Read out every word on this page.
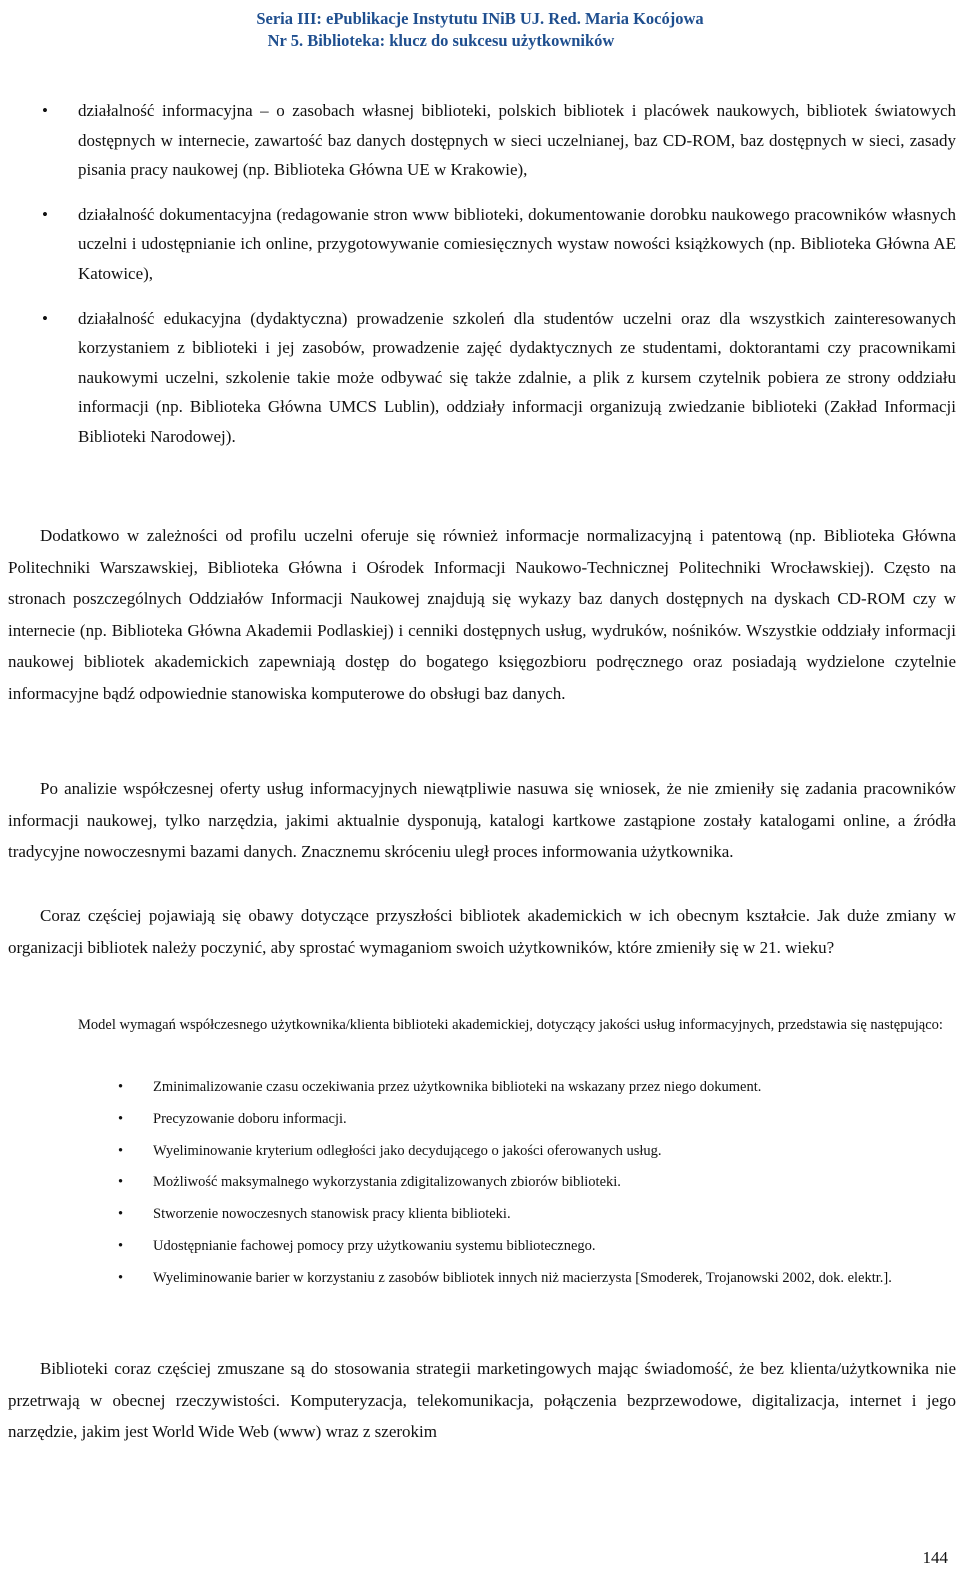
Seria III: ePublikacje Instytutu INiB UJ. Red. Maria Kocójowa
Nr 5. Biblioteka: klucz do sukcesu użytkowników
• działalność informacyjna – o zasobach własnej biblioteki, polskich bibliotek i placówek naukowych, bibliotek światowych dostępnych w internecie, zawartość baz danych dostępnych w sieci uczelnianej, baz CD-ROM, baz dostępnych w sieci, zasady pisania pracy naukowej (np. Biblioteka Główna UE w Krakowie),
• działalność dokumentacyjna (redagowanie stron www biblioteki, dokumentowanie dorobku naukowego pracowników własnych uczelni i udostępnianie ich online, przygotowywanie comiesięcznych wystaw nowości książkowych (np. Biblioteka Główna AE Katowice),
• działalność edukacyjna (dydaktyczna) prowadzenie szkoleń dla studentów uczelni oraz dla wszystkich zainteresowanych korzystaniem z biblioteki i jej zasobów, prowadzenie zajęć dydaktycznych ze studentami, doktorantami czy pracownikami naukowymi uczelni, szkolenie takie może odbywać się także zdalnie, a plik z kursem czytelnik pobiera ze strony oddziału informacji (np. Biblioteka Główna UMCS Lublin), oddziały informacji organizują zwiedzanie biblioteki (Zakład Informacji Biblioteki Narodowej).

Dodatkowo w zależności od profilu uczelni oferuje się również informacje normalizacyjną i patentową (np. Biblioteka Główna Politechniki Warszawskiej, Biblioteka Główna i Ośrodek Informacji Naukowo-Technicznej Politechniki Wrocławskiej). Często na stronach poszczególnych Oddziałów Informacji Naukowej znajdują się wykazy baz danych dostępnych na dyskach CD-ROM czy w internecie (np. Biblioteka Główna Akademii Podlaskiej) i cenniki dostępnych usług, wydruków, nośników. Wszystkie oddziały informacji naukowej bibliotek akademickich zapewniają dostęp do bogatego księgozbioru podręcznego oraz posiadają wydzielone czytelnie informacyjne bądź odpowiednie stanowiska komputerowe do obsługi baz danych.

Po analizie współczesnej oferty usług informacyjnych niewątpliwie nasuwa się wniosek, że nie zmieniły się zadania pracowników informacji naukowej, tylko narzędzia, jakimi aktualnie dysponują, katalogi kartkowe zastąpione zostały katalogami online, a źródła tradycyjne nowoczesnymi bazami danych. Znacznemu skróceniu uległ proces informowania użytkownika.

Coraz częściej pojawiają się obawy dotyczące przyszłości bibliotek akademickich w ich obecnym kształcie. Jak duże zmiany w organizacji bibliotek należy poczynić, aby sprostać wymaganiom swoich użytkowników, które zmieniły się w 21. wieku?

Model wymagań współczesnego użytkownika/klienta biblioteki akademickiej, dotyczący jakości usług informacyjnych, przedstawia się następująco:

• Zminimalizowanie czasu oczekiwania przez użytkownika biblioteki na wskazany przez niego dokument.
• Precyzowanie doboru informacji.
• Wyeliminowanie kryterium odległości jako decydującego o jakości oferowanych usług.
• Możliwość maksymalnego wykorzystania zdigitalizowanych zbiorów biblioteki.
• Stworzenie nowoczesnych stanowisk pracy klienta biblioteki.
• Udostępnianie fachowej pomocy przy użytkowaniu systemu bibliotecznego.
• Wyeliminowanie barier w korzystaniu z zasobów bibliotek innych niż macierzysta [Smoderek, Trojanowski 2002, dok. elektr.].

Biblioteki coraz częściej zmuszane są do stosowania strategii marketingowych mając świadomość, że bez klienta/użytkownika nie przetrwają w obecnej rzeczywistości. Komputeryzacja, telekomunikacja, połączenia bezprzewodowe, digitalizacja, internet i jego narzędzie, jakim jest World Wide Web (www) wraz z szerokim

144
